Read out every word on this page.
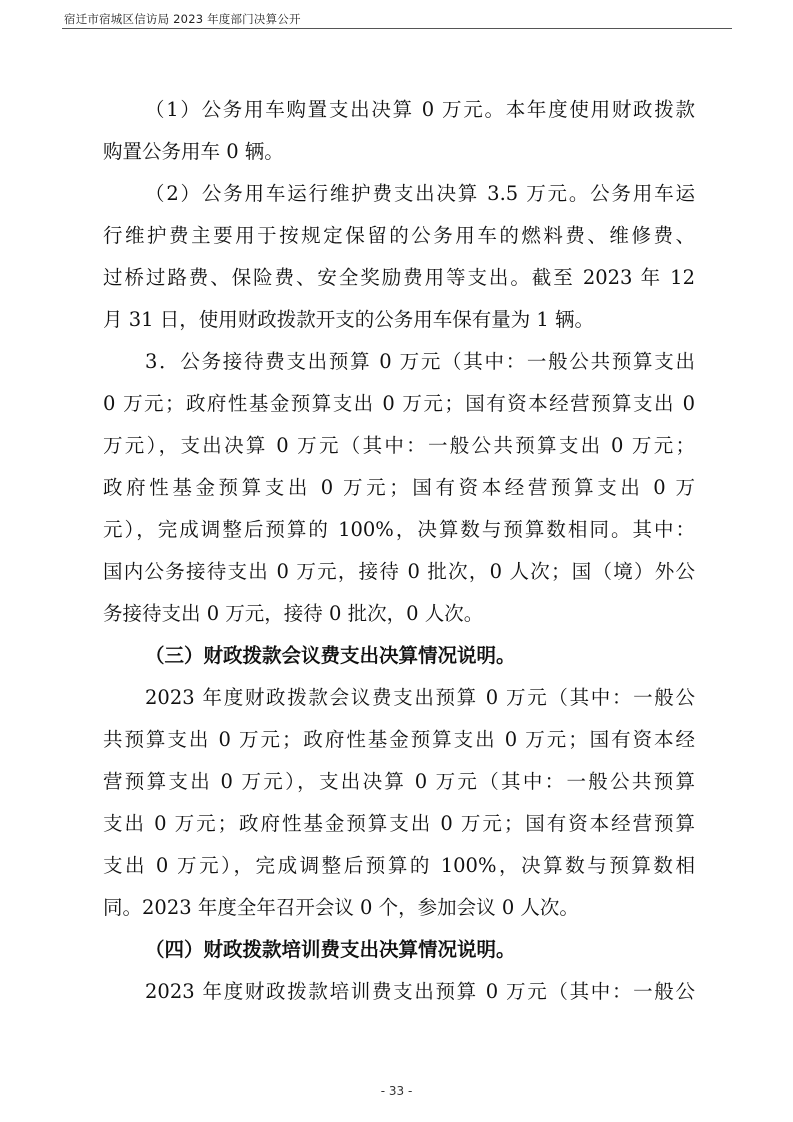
宿迁市宿城区信访局 2023 年度部门决算公开
（1）公务用车购置支出决算 0 万元。本年度使用财政拨款
购置公务用车 0 辆。
（2）公务用车运行维护费支出决算 3.5 万元。公务用车运
行维护费主要用于按规定保留的公务用车的燃料费、维修费、
过桥过路费、保险费、安全奖励费用等支出。截至 2023 年 12
月 31 日，使用财政拨款开支的公务用车保有量为 1 辆。
3．公务接待费支出预算 0 万元（其中：一般公共预算支出
0 万元；政府性基金预算支出 0 万元；国有资本经营预算支出 0
万元），支出决算 0 万元（其中：一般公共预算支出 0 万元；
政府性基金预算支出 0 万元；国有资本经营预算支出 0 万
元），完成调整后预算的 100%，决算数与预算数相同。其中：
国内公务接待支出 0 万元，接待 0 批次，0 人次；国（境）外公
务接待支出 0 万元，接待 0 批次，0 人次。
（三）财政拨款会议费支出决算情况说明。
2023 年度财政拨款会议费支出预算 0 万元（其中：一般公
共预算支出 0 万元；政府性基金预算支出 0 万元；国有资本经
营预算支出 0 万元），支出决算 0 万元（其中：一般公共预算
支出 0 万元；政府性基金预算支出 0 万元；国有资本经营预算
支出 0 万元），完成调整后预算的 100%，决算数与预算数相
同。2023 年度全年召开会议 0 个，参加会议 0 人次。
（四）财政拨款培训费支出决算情况说明。
2023 年度财政拨款培训费支出预算 0 万元（其中：一般公
- 33 -
